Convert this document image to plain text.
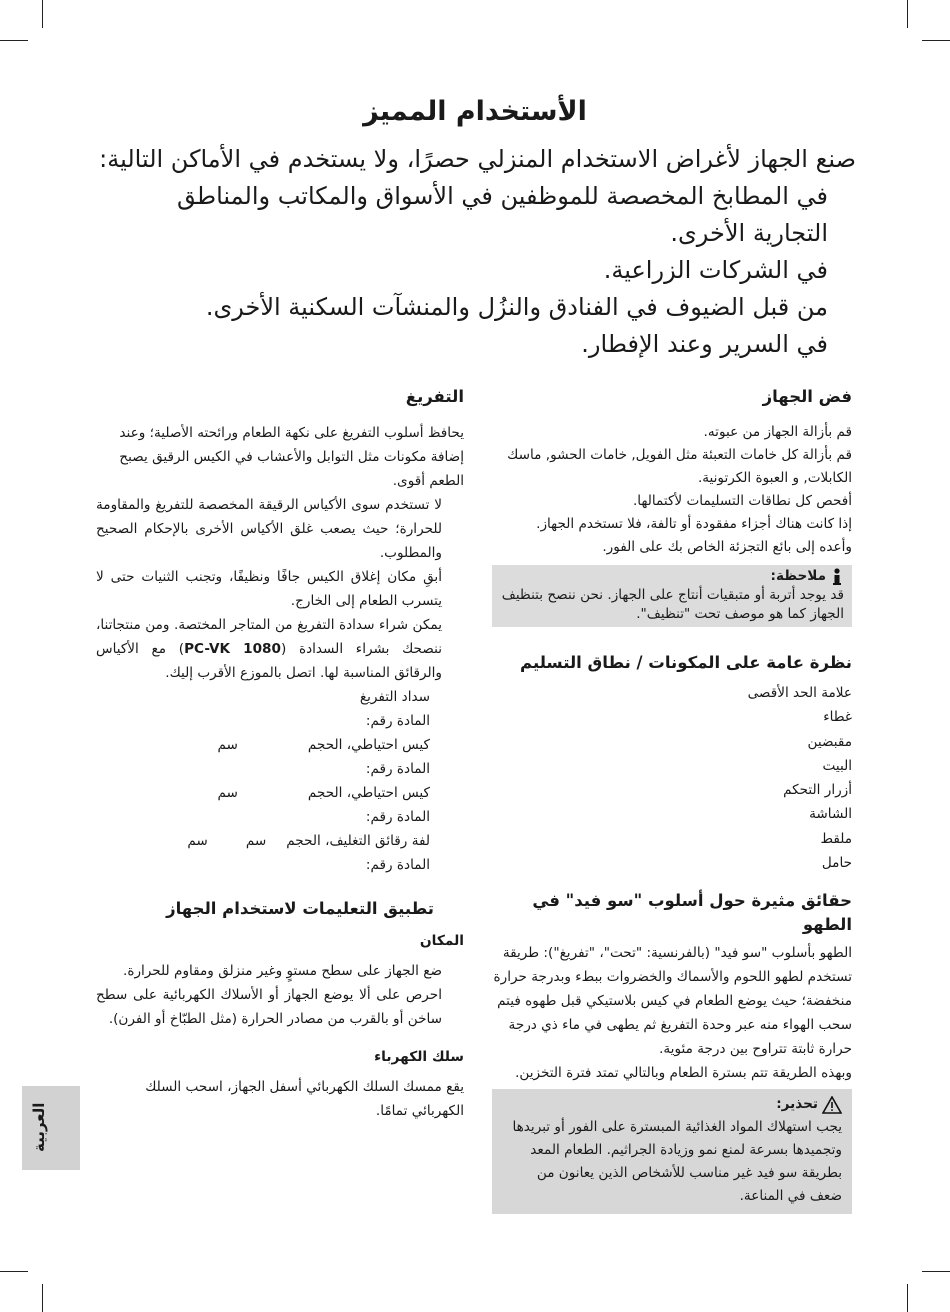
الأستخدام المميز

صنع الجهاز لأغراض الاستخدام المنزلي حصرًا، ولا يستخدم في الأماكن التالية:

في المطابخ المخصصة للموظفين في الأسواق والمكاتب والمناطق التجارية الأخرى.
في الشركات الزراعية.
من قبل الضيوف في الفنادق والنزُل والمنشآت السكنية الأخرى.
في السرير وعند الإفطار.
فض الجهاز
قم بأزالة الجهاز من عبوته.
قم بأزالة كل خامات التعبئة مثل الفويل, خامات الحشو, ماسك الكابلات, و العبوة الكرتونية.
أفحص كل نطاقات التسليمات لأكتمالها.
إذا كانت هناك أجزاء مفقودة أو تالفة، فلا تستخدم الجهاز.
وأعده إلى بائع التجزئة الخاص بك على الفور.
ملاحظة:

قد يوجد أتربة أو متبقيات أنتاج على الجهاز. نحن ننصح بتنظيف الجهاز كما هو موصف تحت "تنظيف".

نظرة عامة على المكونات / نطاق التسليم
علامة الحد الأقصى
غطاء
مقبضين
البيت
أزرار التحكم
الشاشة
ملقط
حامل
حقائق مثيرة حول أسلوب "سو فيد" في الطهو

الطهو بأسلوب "سو فيد" (بالفرنسية: "تحت"، "تفريغ"): طريقة تستخدم لطهو اللحوم والأسماك والخضروات ببطء وبدرجة حرارة منخفضة؛ حيث يوضع الطعام في كيس بلاستيكي قبل طهوه فيتم سحب الهواء منه عبر وحدة التفريغ ثم يطهى في ماء ذي درجة حرارة ثابتة تتراوح بين درجة مئوية.

وبهذه الطريقة تتم بسترة الطعام وبالتالي تمتد فترة التخزين.

تحذير:

يجب استهلاك المواد الغذائية المبسترة على الفور أو تبريدها وتجميدها بسرعة لمنع نمو وزيادة الجراثيم. الطعام المعد بطريقة سو فيد غير مناسب للأشخاص الذين يعانون من ضعف في المناعة.

التفريغ

يحافظ أسلوب التفريغ على نكهة الطعام ورائحته الأصلية؛ وعند إضافة مكونات مثل التوابل والأعشاب في الكيس الرقيق يصبح الطعم أقوى.

لا تستخدم سوى الأكياس الرقيقة المخصصة للتفريغ والمقاومة للحرارة؛ حيث يصعب غلق الأكياس الأخرى بالإحكام الصحيح والمطلوب.

أبقِ مكان إغلاق الكيس جافًا ونظيفًا، وتجنب الثنيات حتى لا يتسرب الطعام إلى الخارج.

يمكن شراء سدادة التفريغ من المتاجر المختصة. ومن منتجاتنا، ننصحك بشراء السدادة (PC-VK 1080) مع الأكياس والرقائق المناسبة لها. اتصل بالموزع الأقرب إليك.

سداد التفريغ
المادة رقم:
كيس احتياطي، الحجم
سم
المادة رقم:
كيس احتياطي، الحجم
سم
المادة رقم:
لفة رقائق التغليف، الحجم
سم
سم
المادة رقم:
تطبيق التعليمات لاستخدام الجهاز
المكان

ضع الجهاز على سطح مستوٍ وغير منزلق ومقاوم للحرارة.

احرص على ألا يوضع الجهاز أو الأسلاك الكهربائية على سطح ساخن أو بالقرب من مصادر الحرارة (مثل الطبّاخ أو الفرن).

سلك الكهرباء

يقع ممسك السلك الكهربائي أسفل الجهاز، اسحب السلك الكهربائي تمامًا.

العربية
